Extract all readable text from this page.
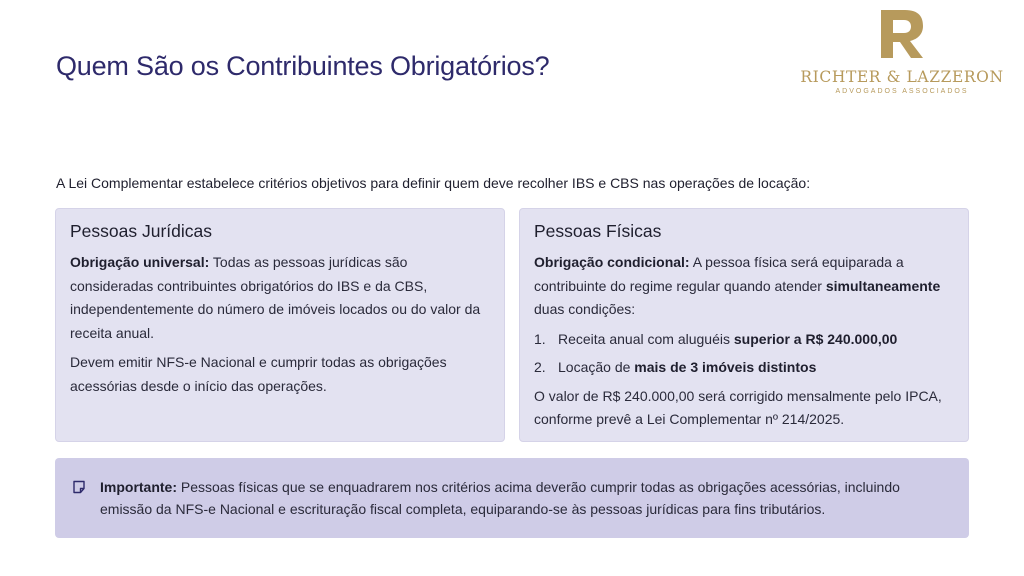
Quem São os Contribuintes Obrigatórios?	RICHTER & LAZZERON
ADVOGADOS ASSOCIADOS

A Lei Complementar estabelece critérios objetivos para definir quem deve recolher IBS e CBS nas operações de locação:

Pessoas Jurídicas

Obrigação universal: Todas as pessoas jurídicas são consideradas contribuintes obrigatórios do IBS e da CBS, independentemente do número de imóveis locados ou do valor da receita anual.

Devem emitir NFS-e Nacional e cumprir todas as obrigações acessórias desde o início das operações.

Pessoas Físicas

Obrigação condicional: A pessoa física será equiparada a contribuinte do regime regular quando atender simultaneamente duas condições:

1. Receita anual com aluguéis superior a R$ 240.000,00
2. Locação de mais de 3 imóveis distintos

O valor de R$ 240.000,00 será corrigido mensalmente pelo IPCA, conforme prevê a Lei Complementar nº 214/2025.

Importante: Pessoas físicas que se enquadrarem nos critérios acima deverão cumprir todas as obrigações acessórias, incluindo emissão da NFS-e Nacional e escrituração fiscal completa, equiparando-se às pessoas jurídicas para fins tributários.
